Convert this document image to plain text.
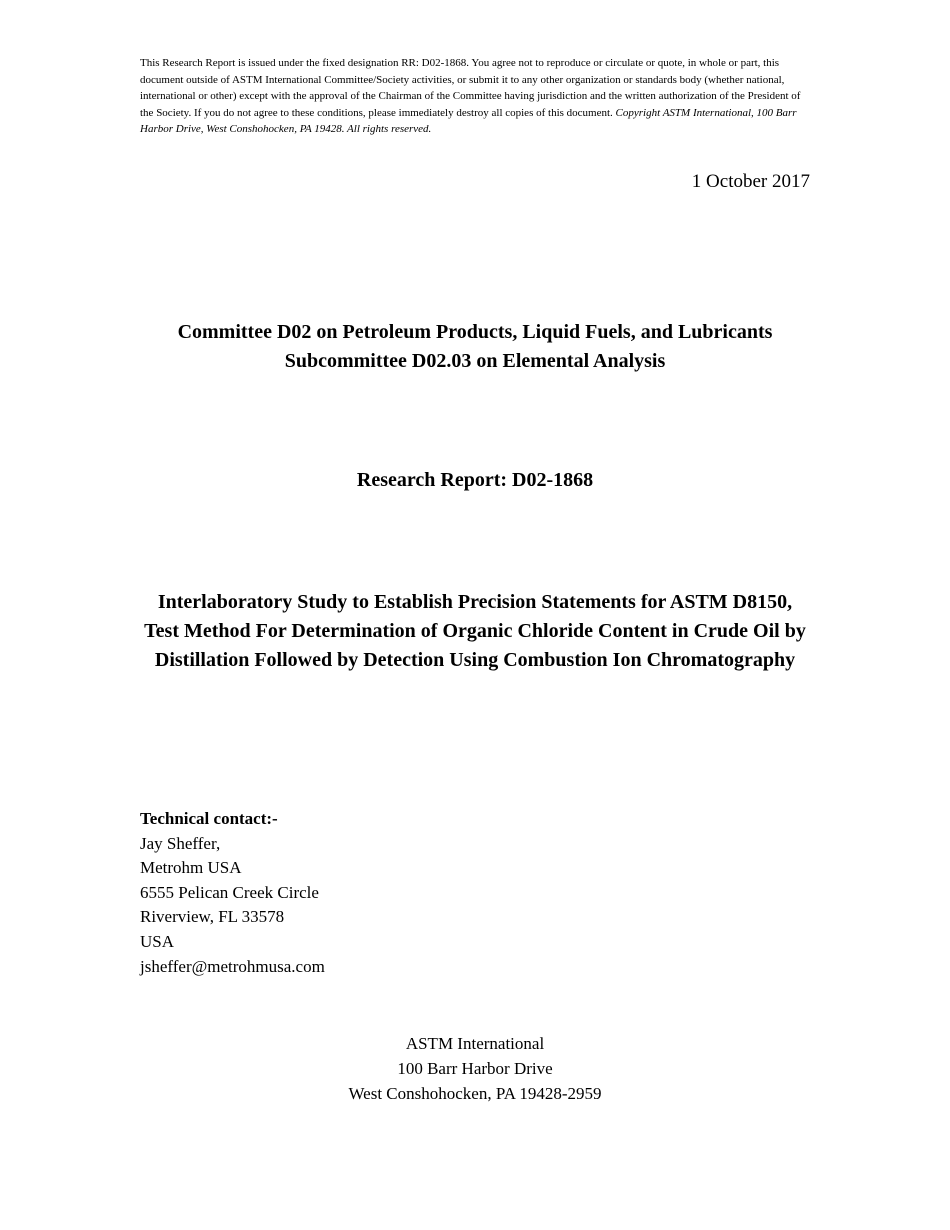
This Research Report is issued under the fixed designation RR: D02-1868. You agree not to reproduce or circulate or quote, in whole or part, this document outside of ASTM International Committee/Society activities, or submit it to any other organization or standards body (whether national, international or other) except with the approval of the Chairman of the Committee having jurisdiction and the written authorization of the President of the Society. If you do not agree to these conditions, please immediately destroy all copies of this document. Copyright ASTM International, 100 Barr Harbor Drive, West Conshohocken, PA 19428. All rights reserved.
1 October 2017
Committee D02 on Petroleum Products, Liquid Fuels, and Lubricants
Subcommittee D02.03 on Elemental Analysis
Research Report: D02-1868
Interlaboratory Study to Establish Precision Statements for ASTM D8150, Test Method For Determination of Organic Chloride Content in Crude Oil by Distillation Followed by Detection Using Combustion Ion Chromatography
Technical contact:-
Jay Sheffer,
Metrohm USA
6555 Pelican Creek Circle
Riverview, FL 33578
USA
jsheffer@metrohmusa.com
ASTM International
100 Barr Harbor Drive
West Conshohocken, PA 19428-2959
